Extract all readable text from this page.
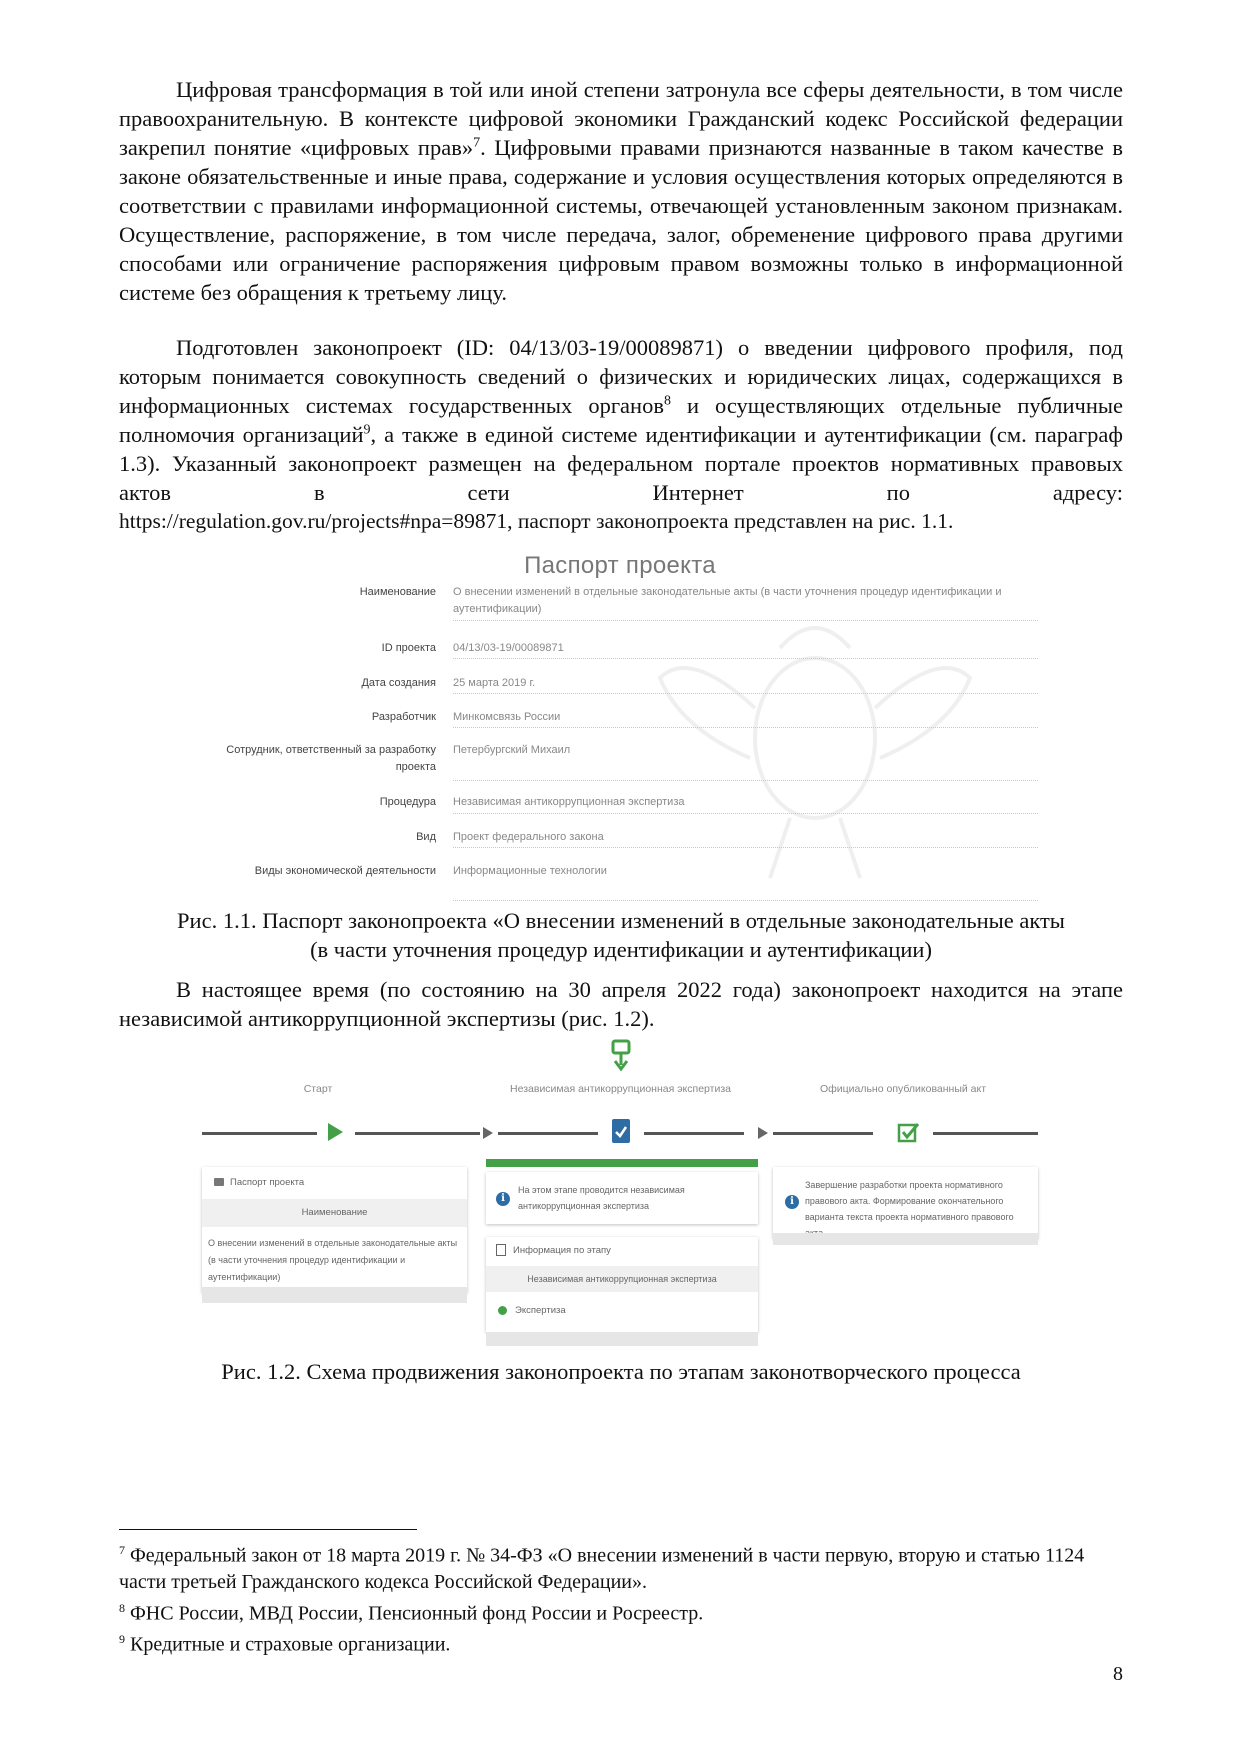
Цифровая трансформация в той или иной степени затронула все сферы деятельности, в том числе правоохранительную. В контексте цифровой экономики Гражданский кодекс Российской федерации закрепил понятие «цифровых прав»$^7$. Цифровыми правами признаются названные в таком качестве в законе обязательственные и иные права, содержание и условия осуществления которых определяются в соответствии с правилами информационной системы, отвечающей установленным законом признакам. Осуществление, распоряжение, в том числе передача, залог, обременение цифрового права другими способами или ограничение распоряжения цифровым правом возможны только в информационной системе без обращения к третьему лицу.

Подготовлен законопроект (ID: 04/13/03-19/00089871) о введении цифрового профиля, под которым понимается совокупность сведений о физических и юридических лицах, содержащихся в информационных системах государственных органов$^8$ и осуществляющих отдельные публичные полномочия организаций$^9$, а также в единой системе идентификации и аутентификации (см. параграф 1.3). Указанный законопроект размещен на федеральном портале проектов нормативных правовых актов в сети Интернет по адресу:

https://regulation.gov.ru/projects#npa=89871, паспорт законопроекта представлен на рис. 1.1.
Паспорт проекта
Наименование О внесении изменений в отдельные законодательные акты (в части уточнения процедур идентификации и аутентификации)
ID проекта 04/13/03-19/00089871
Дата создания 25 марта 2019 г.
Разработчик Минкомсвязь России
Сотрудник, ответственный за разработку проекта
Петербургский Михаил
Процедура Независимая антикоррупционная экспертиза
Вид Проект федерального закона
Виды экономической деятельности Информационные технологии
Рис. 1.1. Паспорт законопроекта «О внесении изменений в отдельные законодательные акты
(в части уточнения процедур идентификации и аутентификации)

В настоящее время (по состоянию на 30 апреля 2022 года) законопроект находится на этапе независимой антикоррупционной экспертизы (рис. 1.2).

Старт	Независимая антикоррупционная экспертиза	Официально опубликованный акт
Паспорт проекта
Наименование
О внесении изменений в отдельные законодательные акты (в части уточнения процедур идентификации и аутентификации)
i
На этом этапе проводится независимая антикоррупционная экспертиза
Информация по этапу
Независимая антикоррупционная экспертиза
Экспертиза
i
Завершение разработки проекта нормативного правового акта. Формирование окончательного варианта текста проекта нормативного правового
Рис. 1.2. Схема продвижения законопроекта по этапам законотворческого процесса
$^7$ Федеральный закон от 18 марта 2019 г. № 34-ФЗ «О внесении изменений в части первую, вторую и статью 1124 части третьей Гражданского кодекса Российской Федерации».
$^8$ ФНС России, МВД России, Пенсионный фонд России и Росреестр.
$^9$ Кредитные и страховые организации.
8
